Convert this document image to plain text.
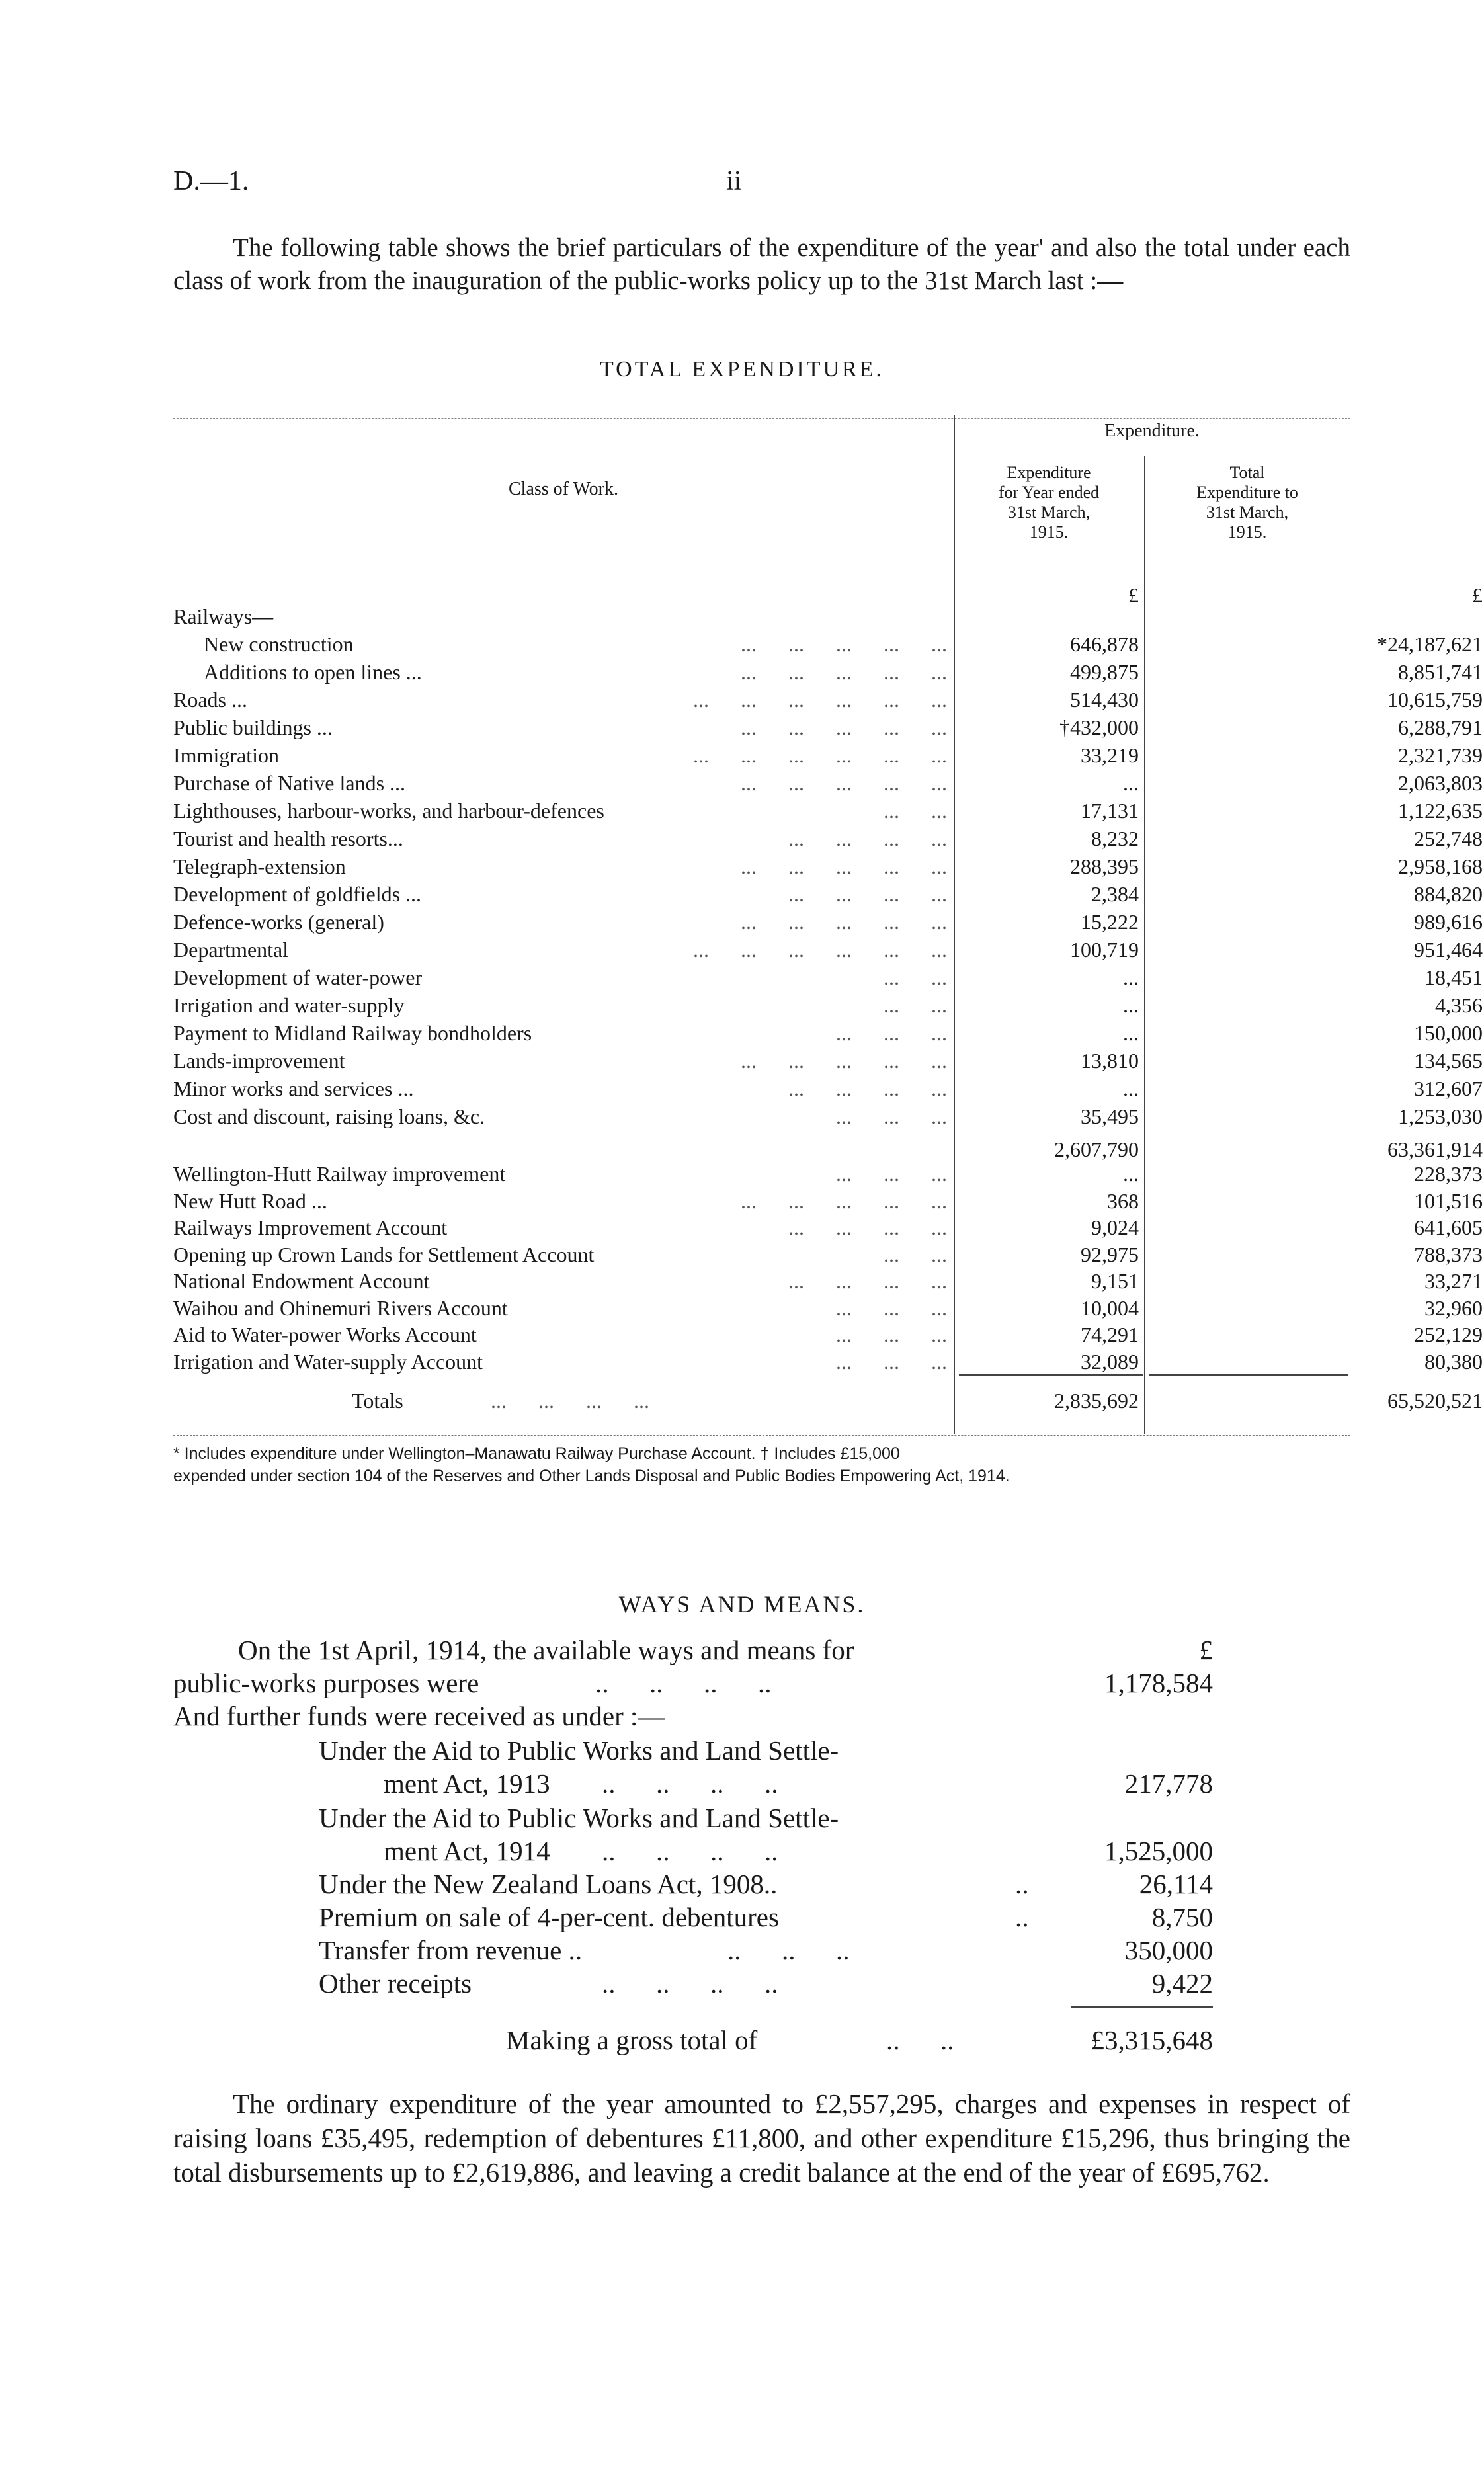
D.—1.	ii
The following table shows the brief particulars of the expenditure of the year' and also the total under each class of work from the inauguration of the public-works policy up to the 31st March last :—
TOTAL EXPENDITURE.
Expenditure.
Class of Work.
Expenditure
for Year ended
31st March,
1915.
Total
Expenditure to
31st March,
1915.
£	£
Railways—
New construction	...      ...      ...      ...      ...	646,878	*24,187,621
Additions to open lines ...	...      ...      ...      ...      ...	499,875	8,851,741
Roads ...	...      ...      ...      ...      ...      ...	514,430	10,615,759
Public buildings ...	...      ...      ...      ...      ...	†432,000	6,288,791
Immigration	...      ...      ...      ...      ...      ...	33,219	2,321,739
Purchase of Native lands ...	...      ...      ...      ...      ...	...	2,063,803
Lighthouses, harbour-works, and harbour-defences	...      ...	17,131	1,122,635
Tourist and health resorts...	...      ...      ...      ...	8,232	252,748
Telegraph-extension	...      ...      ...      ...      ...	288,395	2,958,168
Development of goldfields ...	...      ...      ...      ...	2,384	884,820
Defence-works (general)	...      ...      ...      ...      ...	15,222	989,616
Departmental	...      ...      ...      ...      ...      ...	100,719	951,464
Development of water-power	...      ...	...	18,451
Irrigation and water-supply	...      ...	...	4,356
Payment to Midland Railway bondholders	...      ...      ...	...	150,000
Lands-improvement	...      ...      ...      ...      ...	13,810	134,565
Minor works and services ...	...      ...      ...      ...	...	312,607
Cost and discount, raising loans, &c.	...      ...      ...	35,495	1,253,030
2,607,790	63,361,914
Wellington-Hutt Railway improvement	...      ...      ...	...	228,373
New Hutt Road ...	...      ...      ...      ...      ...	368	101,516
Railways Improvement Account	...      ...      ...      ...	9,024	641,605
Opening up Crown Lands for Settlement Account	...      ...	92,975	788,373
National Endowment Account	...      ...      ...      ...	9,151	33,271
Waihou and Ohinemuri Rivers Account	...      ...      ...	10,004	32,960
Aid to Water-power Works Account	...      ...      ...	74,291	252,129
Irrigation and Water-supply Account	...      ...      ...	32,089	80,380
Totals	...      ...      ...      ...	2,835,692	65,520,521
* Includes expenditure under Wellington–Manawatu Railway Purchase Account. † Includes £15,000
expended under section 104 of the Reserves and Other Lands Disposal and Public Bodies Empowering Act, 1914.
WAYS AND MEANS.
£
On the 1st April, 1914, the available ways and means for
public-works purposes were	..      ..      ..      ..	1,178,584
And further funds were received as under :—
Under the Aid to Public Works and Land Settle-
ment Act, 1913 ..      ..      ..      ..	217,778
Under the Aid to Public Works and Land Settle-
ment Act, 1914 ..      ..      ..      ..	1,525,000
Under the New Zealand Loans Act, 1908..	..	26,114
Premium on sale of 4-per-cent. debentures	..	8,750
Transfer from revenue ..	..      ..      ..	350,000
Other receipts	..      ..      ..      ..	9,422
Making a gross total of	..      ..	£3,315,648
The ordinary expenditure of the year amounted to £2,557,295, charges and expenses in respect of raising loans £35,495, redemption of debentures £11,800, and other expenditure £15,296, thus bringing the total disbursements up to £2,619,886, and leaving a credit balance at the end of the year of £695,762.
